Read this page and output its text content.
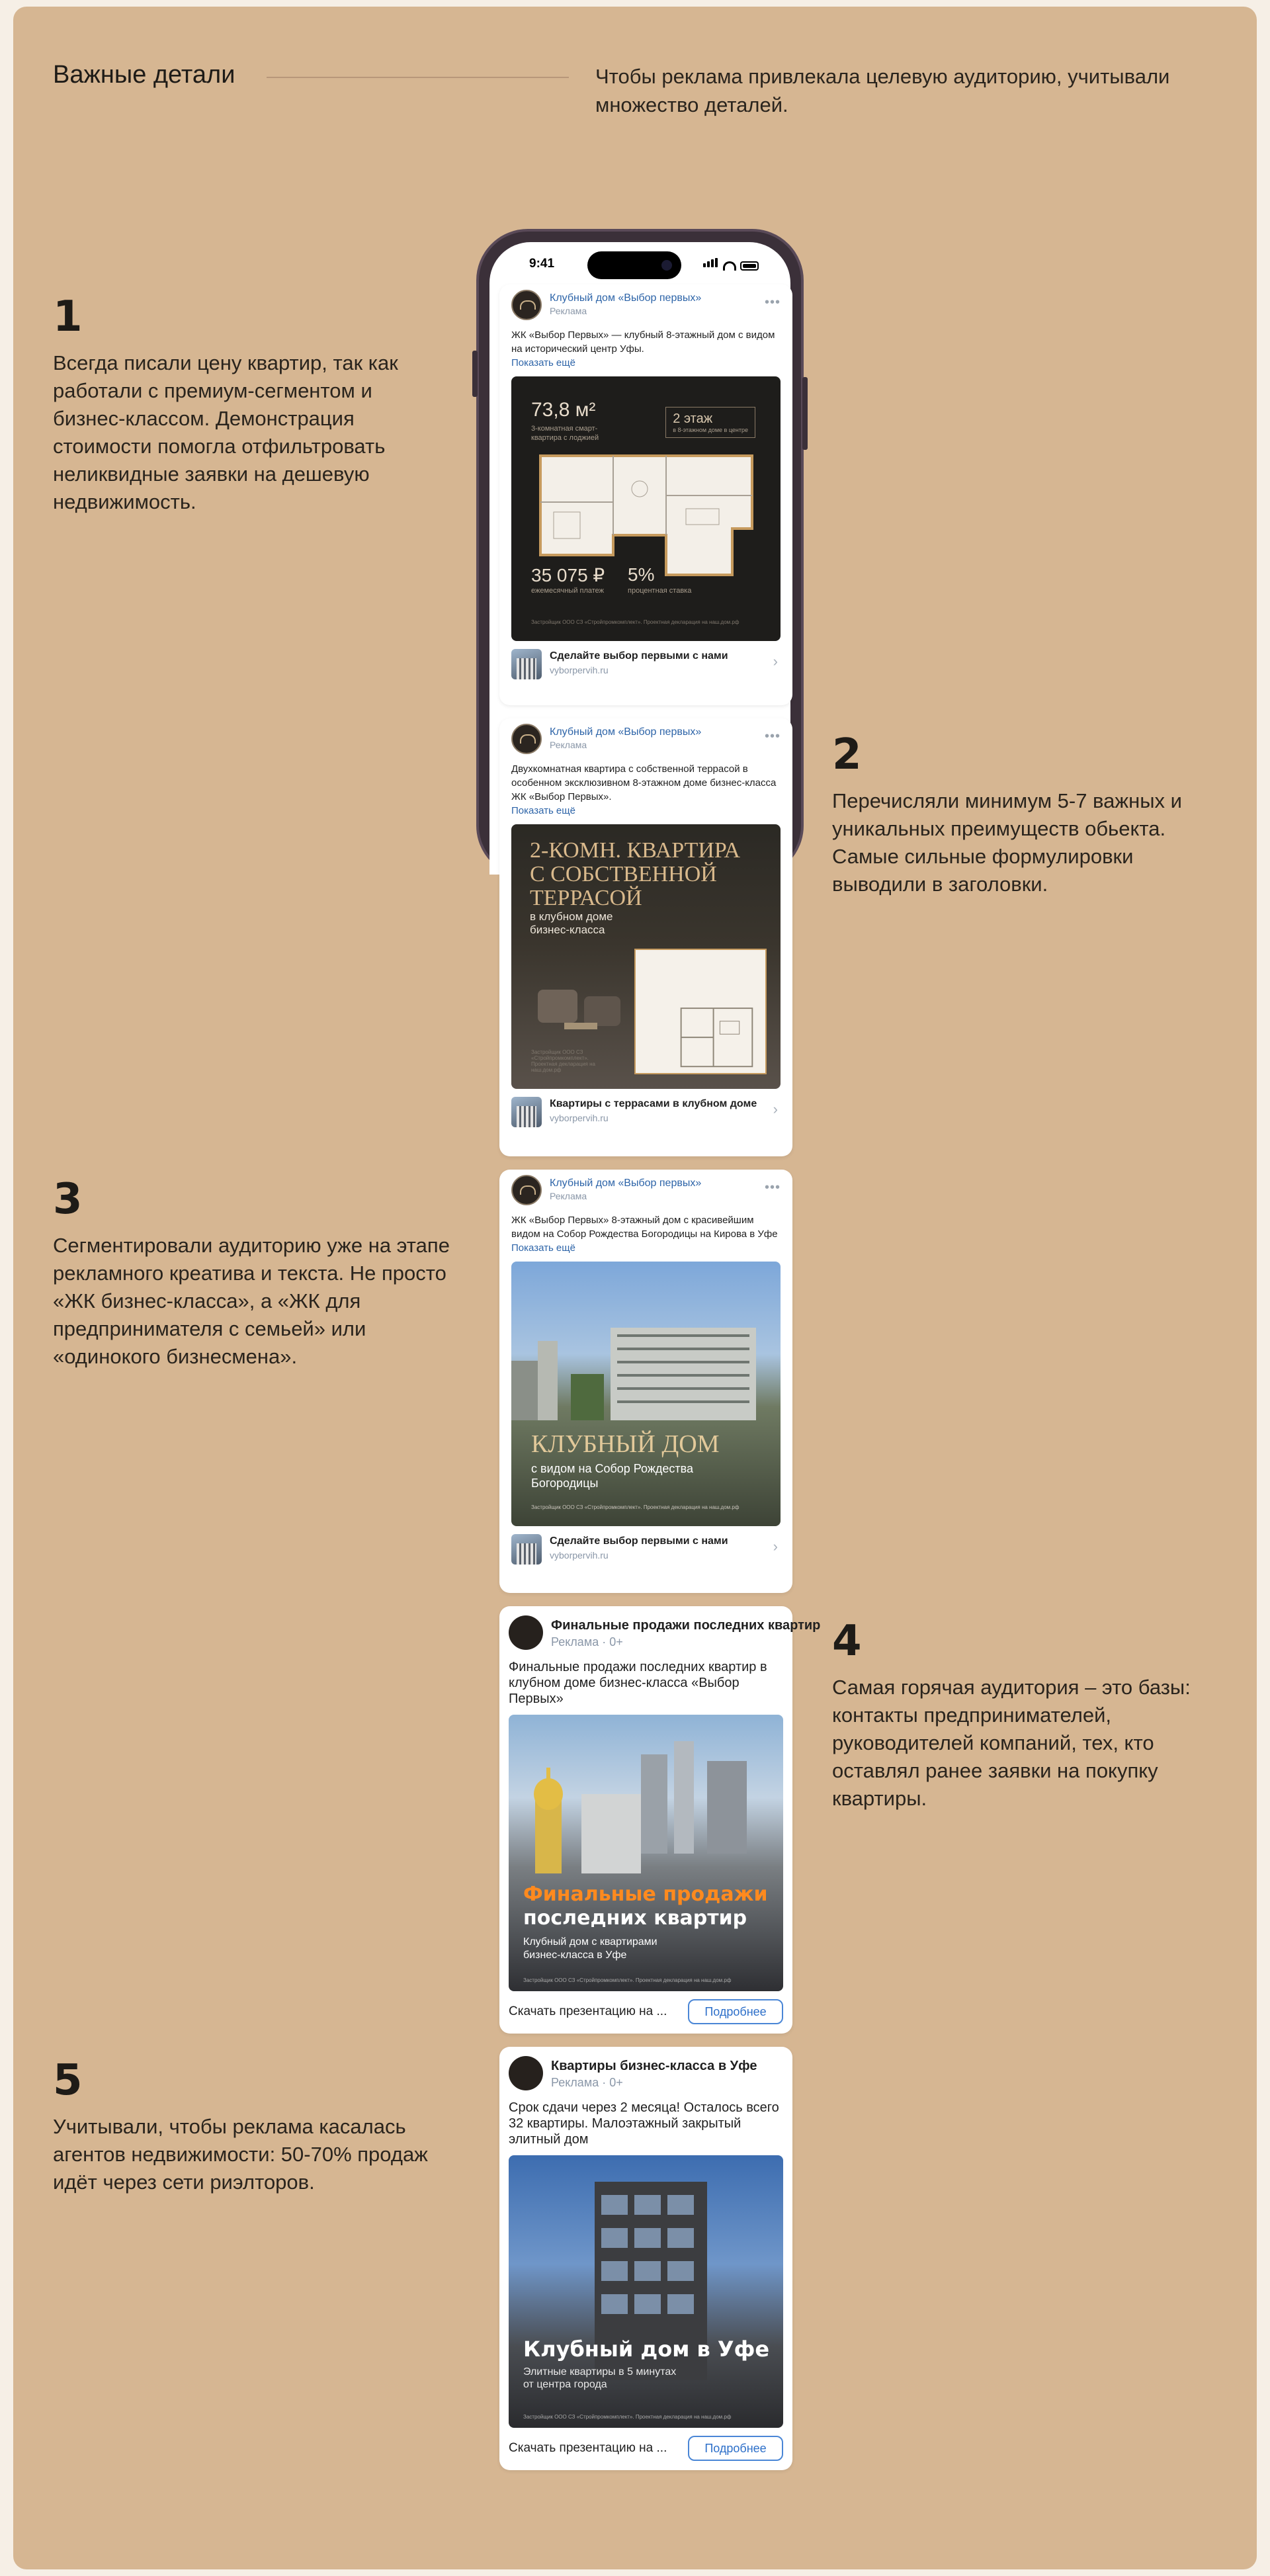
Важные детали	Чтобы реклама привлекала целевую аудиторию, учитывали множество деталей.
1
Всегда писали цену квартир, так как работали с премиум-сегментом и бизнес-классом. Демонстрация стоимости помогла отфильтровать неликвидные заявки на дешевую недвижимость.
2
Перечисляли минимум 5-7 важных и уникальных преимуществ обьекта. Самые сильные формулировки выводили в заголовки.
3
Сегментировали аудиторию уже на этапе рекламного креатива и текста. Не просто «ЖК бизнес-класса», а «ЖК для предпринимателя с семьей» или «одинокого бизнесмена».
4
Самая горячая аудитория – это базы: контакты предпринимателей, руководителей компаний, тех, кто оставлял ранее заявки на покупку квартиры.
5
Учитывали, чтобы реклама касалась агентов недвижимости: 50-70% продаж идёт через сети риэлторов.
9:41
Клубный дом «Выбор первых»
Реклама
•••
ЖК «Выбор Первых» — клубный 8-этажный дом с видом на исторический центр Уфы.
Показать ещё
73,8 м²
3-комнатная смарт-квартира с лоджией
2 этаж
в 8-этажном доме в центре
35 075 ₽
ежемесячный платеж
5%
процентная ставка
Застройщик ООО СЗ «Стройпромкомплект». Проектная декларация на наш.дом.рф
Сделайте выбор первыми с нами
vyborpervih.ru
›
Клубный дом «Выбор первых»
Реклама
•••
Двухкомнатная квартира с собственной террасой в особенном эксклюзивном 8-этажном доме бизнес-класса ЖК «Выбор Первых».
Показать ещё
2-КОМН. КВАРТИРА С СОБСТВЕННОЙ ТЕРРАСОЙ
в клубном доме бизнес-класса
Застройщик ООО СЗ «Стройпромкомплект». Проектная декларация на наш.дом.рф
Квартиры с террасами в клубном доме
vyborpervih.ru
›
Клубный дом «Выбор первых»
Реклама
•••
ЖК «Выбор Первых» 8-этажный дом с красивейшим видом на Собор Рождества Богородицы на Кирова в Уфе
Показать ещё
КЛУБНЫЙ ДОМ
с видом на Собор Рождества Богородицы
Застройщик ООО СЗ «Стройпромкомплект». Проектная декларация на наш.дом.рф
Сделайте выбор первыми с нами
vyborpervih.ru
›
Финальные продажи последних квартир
Реклама · 0+
Финальные продажи последних квартир в клубном доме бизнес-класса «Выбор Первых»
Финальные продажи
последних квартир
Клубный дом с квартирами бизнес-класса в Уфе
Застройщик ООО СЗ «Стройпромкомплект». Проектная декларация на наш.дом.рф
Скачать презентацию на ...	Подробнее
Квартиры бизнес-класса в Уфе
Реклама · 0+
Срок сдачи через 2 месяца! Осталось всего 32 квартиры. Малоэтажный закрытый элитный дом
Клубный дом в Уфе
Элитные квартиры в 5 минутах от центра города
Застройщик ООО СЗ «Стройпромкомплект». Проектная декларация на наш.дом.рф
Скачать презентацию на ...	Подробнее
